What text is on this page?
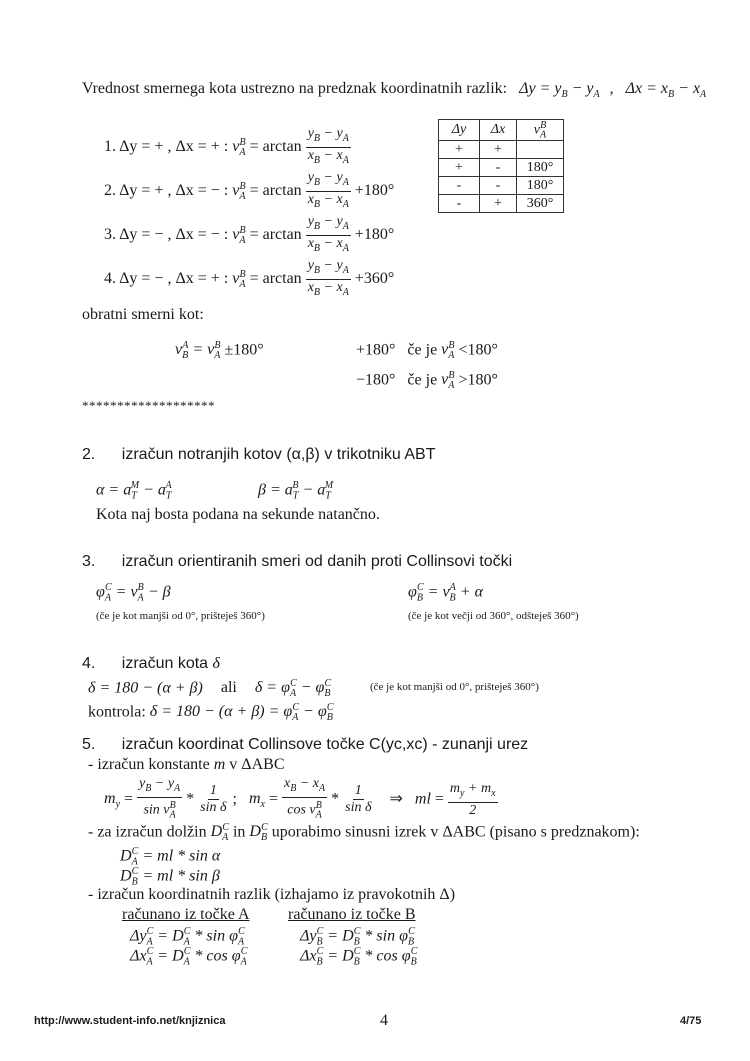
Vrednost smernega kota ustrezno na predznak koordinatnih razlik: $\Delta y = y_B - y_A$ , $\Delta x = x_B - x_A$
1. Δy = + , Δx = + : $\nu_A^B = \arctan \frac{y_B - y_A}{x_B - x_A}$
2. Δy = + , Δx = − : $\nu_A^B = \arctan \frac{y_B - y_A}{x_B - x_A} +180^\circ$
3. Δy = − , Δx = − : $\nu_A^B = \arctan \frac{y_B - y_A}{x_B - x_A} +180^\circ$
4. Δy = − , Δx = + : $\nu_A^B = \arctan \frac{y_B - y_A}{x_B - x_A} +360^\circ$
Δy	Δx	$\nu_A^B$
+	+	
+	-	180°
-	-	180°
-	+	360°
obratni smerni kot:
$\nu_B^A = \nu_A^B \pm 180^\circ$	+180° če je $\nu_A^B <180^\circ$
−180° če je $\nu_A^B >180^\circ$
*******************
2. izračun notranjih kotov (α,β) v trikotniku ABT
$\alpha = a_T^M - a_T^A$	$\beta = a_T^B - a_T^M$
Kota naj bosta podana na sekunde natančno.
3. izračun orientiranih smeri od danih proti Collinsovi točki
$\varphi_A^C = \nu_A^B - \beta$	$\varphi_B^C = \nu_B^A + \alpha$
(če je kot manjši od 0°, prišteješ 360°)	(če je kot večji od 360°, odšteješ 360°)
4. izračun kota δ
δ = 180 − (α + β) ali $\delta = \varphi_A^C - \varphi_B^C$	(če je kot manjši od 0°, prišteješ 360°)
kontrola: $\delta = 180 - (\alpha + \beta) = \varphi_A^C - \varphi_B^C$
5. izračun koordinat Collinsove točke C(yc,xc) - zunanji urez
- izračun konstante m v ΔABC
$m_y = \frac{y_B - y_A}{\sin \nu_A^B} * \frac{1}{\text{sin δ}}$ ;   $m_x = \frac{x_B - x_A}{\cos \nu_A^B} * \frac{1}{\text{sin δ}}$ ⇒   ml = $\frac{m_y + m_x}{2}$
- za izračun dolžin $D_A^C$ in $D_B^C$ uporabimo sinusni izrek v ΔABC (pisano s predznakom):
$D_A^C$ = ml * sin α
$D_B^C$ = ml * sin β
- izračun koordinatnih razlik (izhajamo iz pravokotnih Δ)
računano iz točke A računano iz točke B
$\Delta y_A^C = D_A^C * \sin \varphi_A^C$	$\Delta y_B^C = D_B^C * \sin \varphi_B^C$
$\Delta x_A^C = D_A^C * \cos \varphi_A^C$	$\Delta x_B^C = D_B^C * \cos \varphi_B^C$
http://www.student-info.net/knjiznica	4	4/75
